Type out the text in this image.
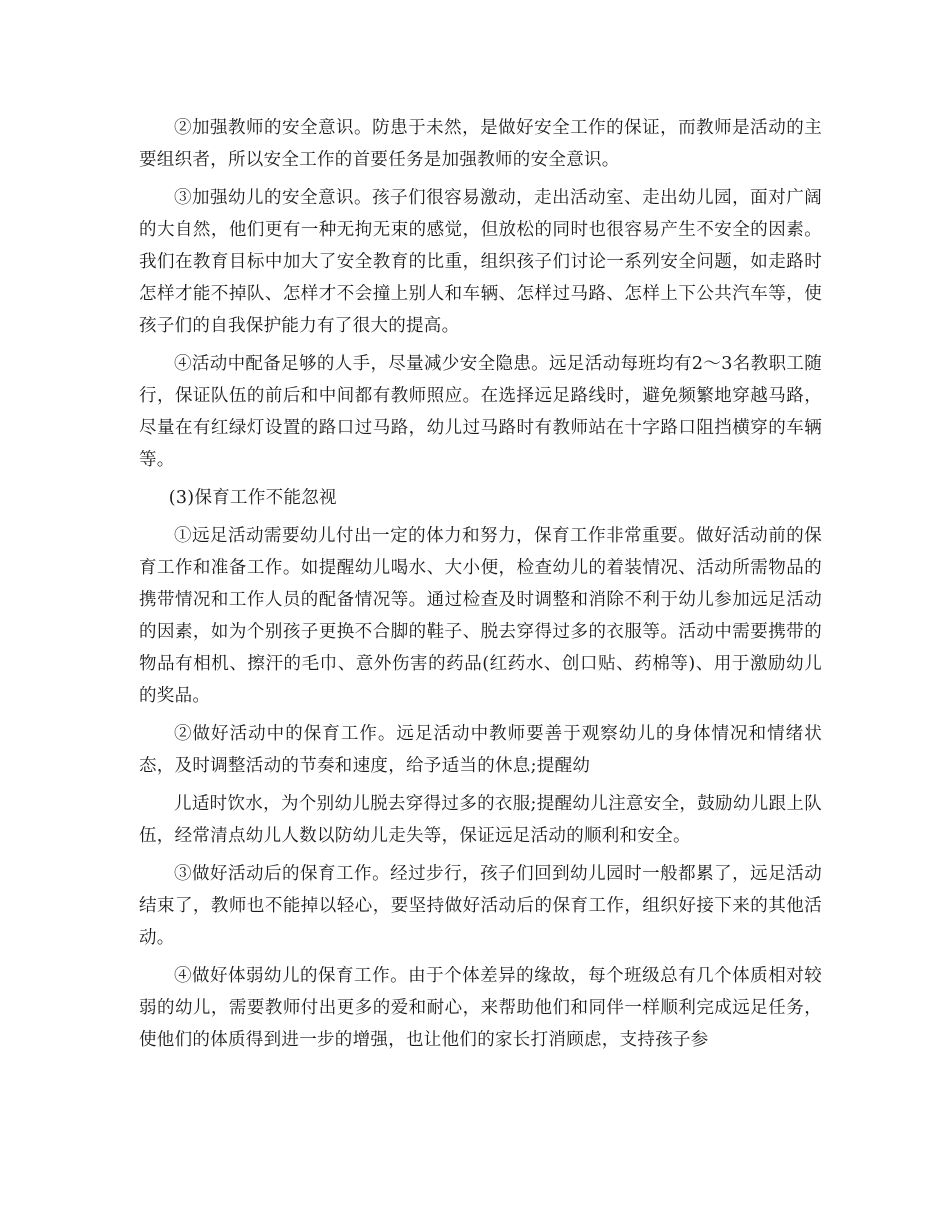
②加强教师的安全意识。防患于未然，是做好安全工作的保证，而教师是活动的主要组织者，所以安全工作的首要任务是加强教师的安全意识。

③加强幼儿的安全意识。孩子们很容易激动，走出活动室、走出幼儿园，面对广阔的大自然，他们更有一种无拘无束的感觉，但放松的同时也很容易产生不安全的因素。我们在教育目标中加大了安全教育的比重，组织孩子们讨论一系列安全问题，如走路时怎样才能不掉队、怎样才不会撞上别人和车辆、怎样过马路、怎样上下公共汽车等，使孩子们的自我保护能力有了很大的提高。

④活动中配备足够的人手，尽量减少安全隐患。远足活动每班均有2～3名教职工随行，保证队伍的前后和中间都有教师照应。在选择远足路线时，避免频繁地穿越马路，尽量在有红绿灯设置的路口过马路，幼儿过马路时有教师站在十字路口阻挡横穿的车辆等。

(3)保育工作不能忽视

①远足活动需要幼儿付出一定的体力和努力，保育工作非常重要。做好活动前的保育工作和准备工作。如提醒幼儿喝水、大小便，检查幼儿的着装情况、活动所需物品的携带情况和工作人员的配备情况等。通过检查及时调整和消除不利于幼儿参加远足活动的因素，如为个别孩子更换不合脚的鞋子、脱去穿得过多的衣服等。活动中需要携带的物品有相机、擦汗的毛巾、意外伤害的药品(红药水、创口贴、药棉等)、用于激励幼儿的奖品。

②做好活动中的保育工作。远足活动中教师要善于观察幼儿的身体情况和情绪状态，及时调整活动的节奏和速度，给予适当的休息;提醒幼

儿适时饮水，为个别幼儿脱去穿得过多的衣服;提醒幼儿注意安全，鼓励幼儿跟上队伍，经常清点幼儿人数以防幼儿走失等，保证远足活动的顺利和安全。

③做好活动后的保育工作。经过步行，孩子们回到幼儿园时一般都累了，远足活动结束了，教师也不能掉以轻心，要坚持做好活动后的保育工作，组织好接下来的其他活动。

④做好体弱幼儿的保育工作。由于个体差异的缘故，每个班级总有几个体质相对较弱的幼儿，需要教师付出更多的爱和耐心，来帮助他们和同伴一样顺利完成远足任务，使他们的体质得到进一步的增强，也让他们的家长打消顾虑，支持孩子参
